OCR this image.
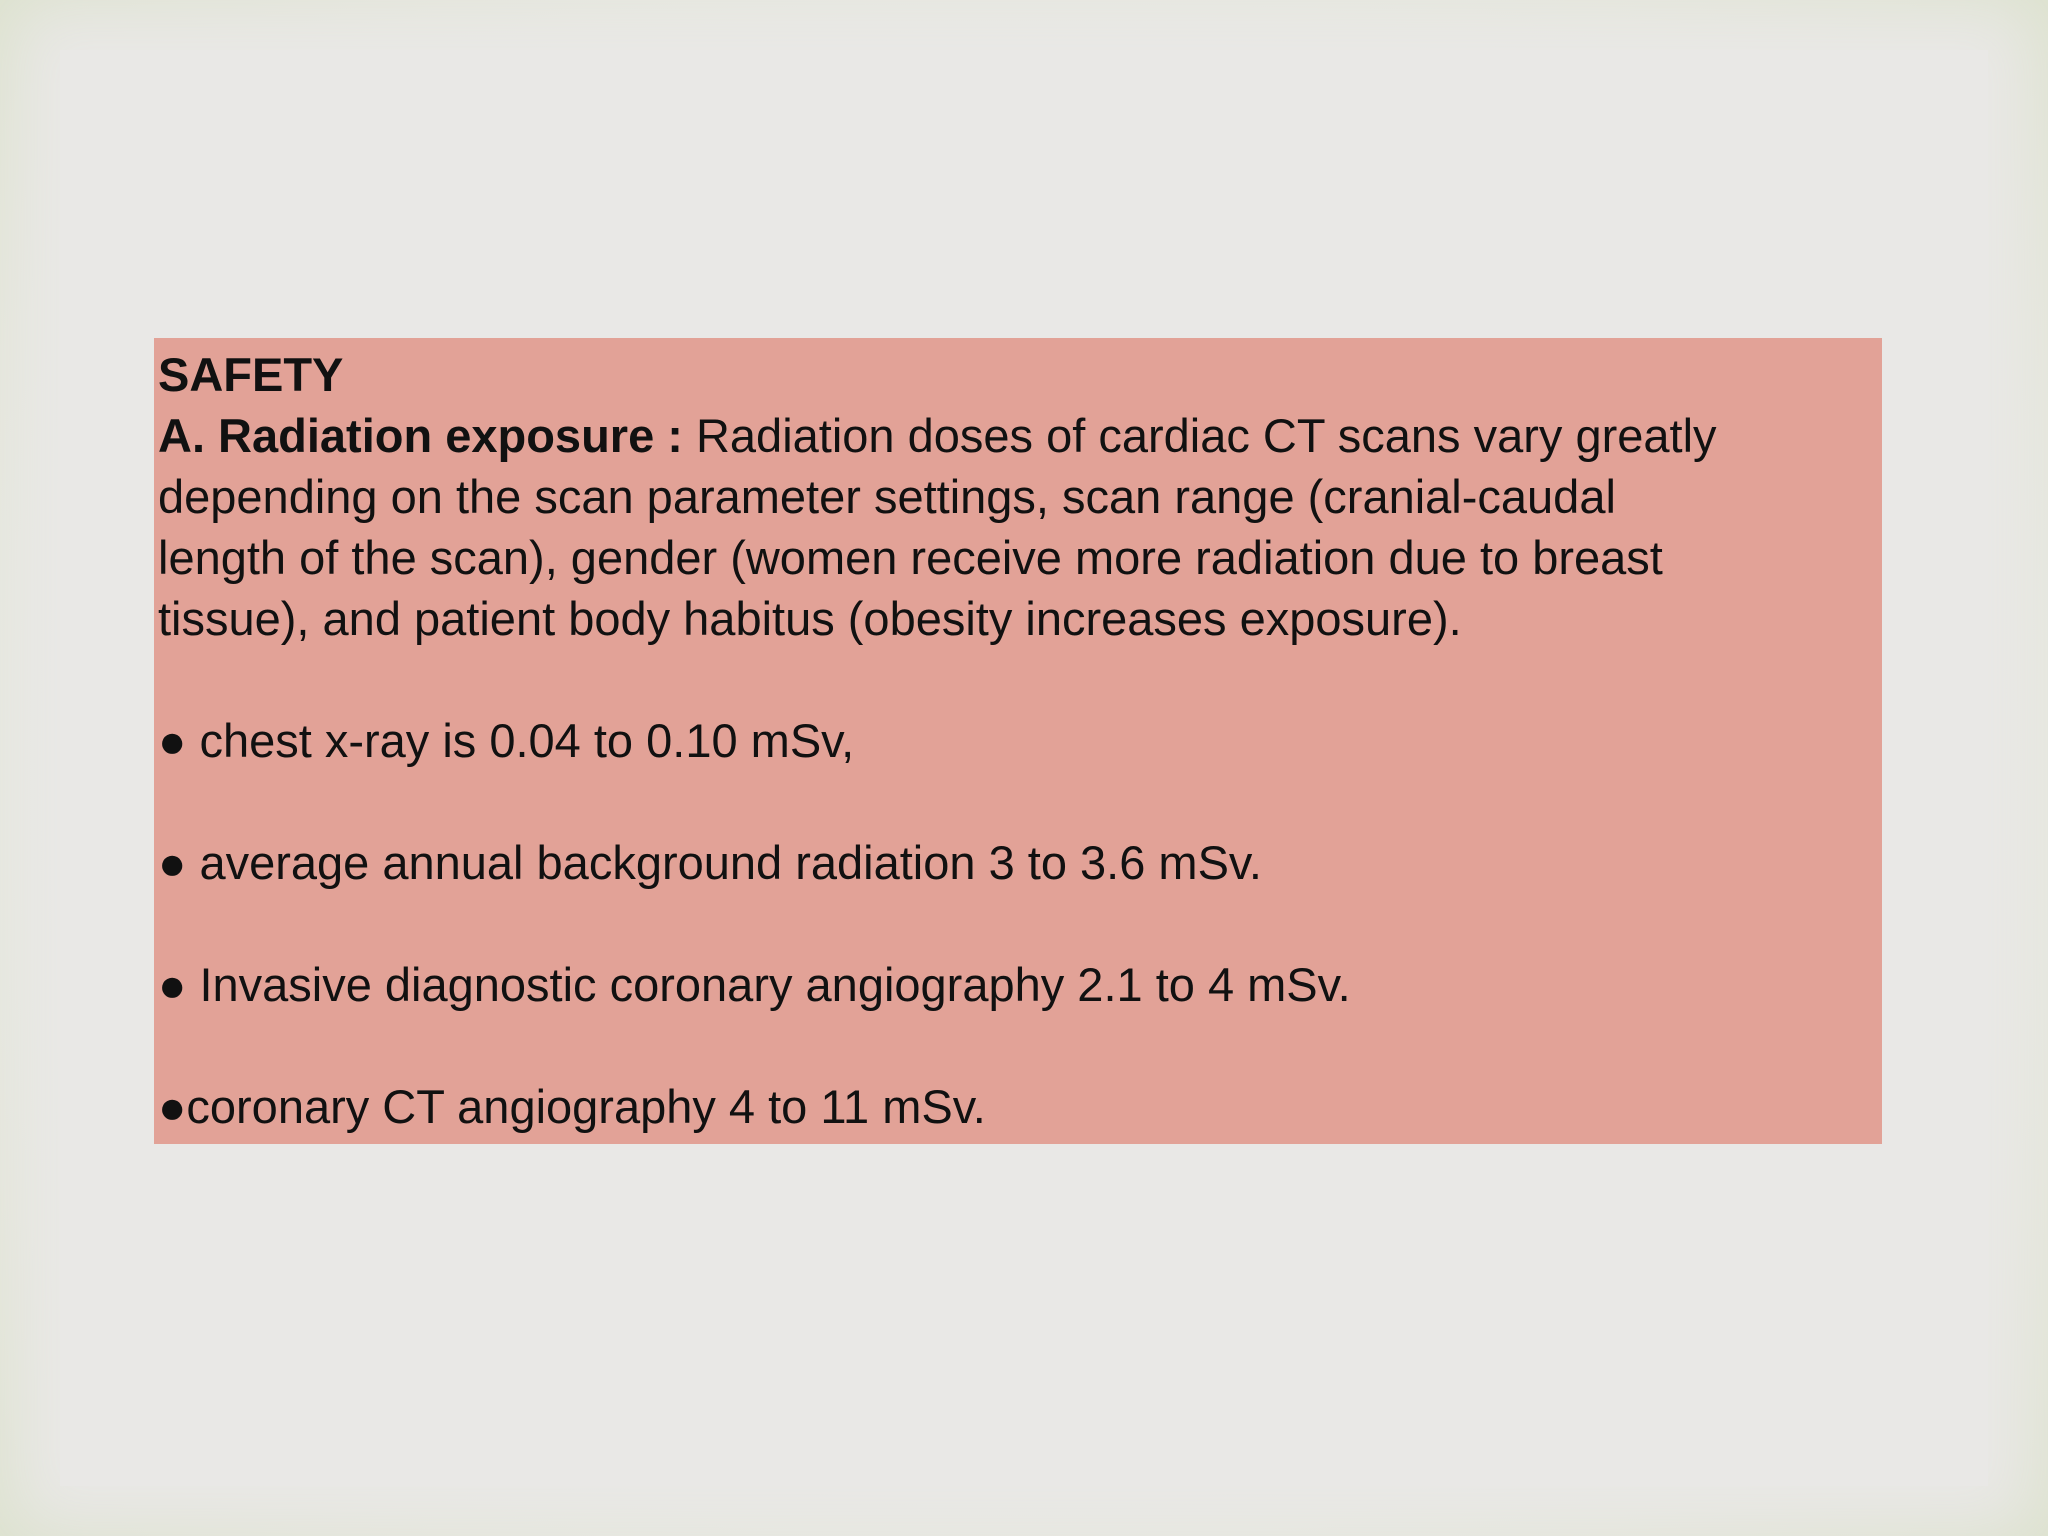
SAFETY
A. Radiation exposure : Radiation doses of cardiac CT scans vary greatly
depending on the scan parameter settings, scan range (cranial-caudal
length of the scan), gender (women receive more radiation due to breast
tissue), and patient body habitus (obesity increases exposure).
● chest x-ray is 0.04 to 0.10 mSv,
● average annual background radiation 3 to 3.6 mSv.
● Invasive diagnostic coronary angiography 2.1 to 4 mSv.
●coronary CT angiography 4 to 11 mSv.
